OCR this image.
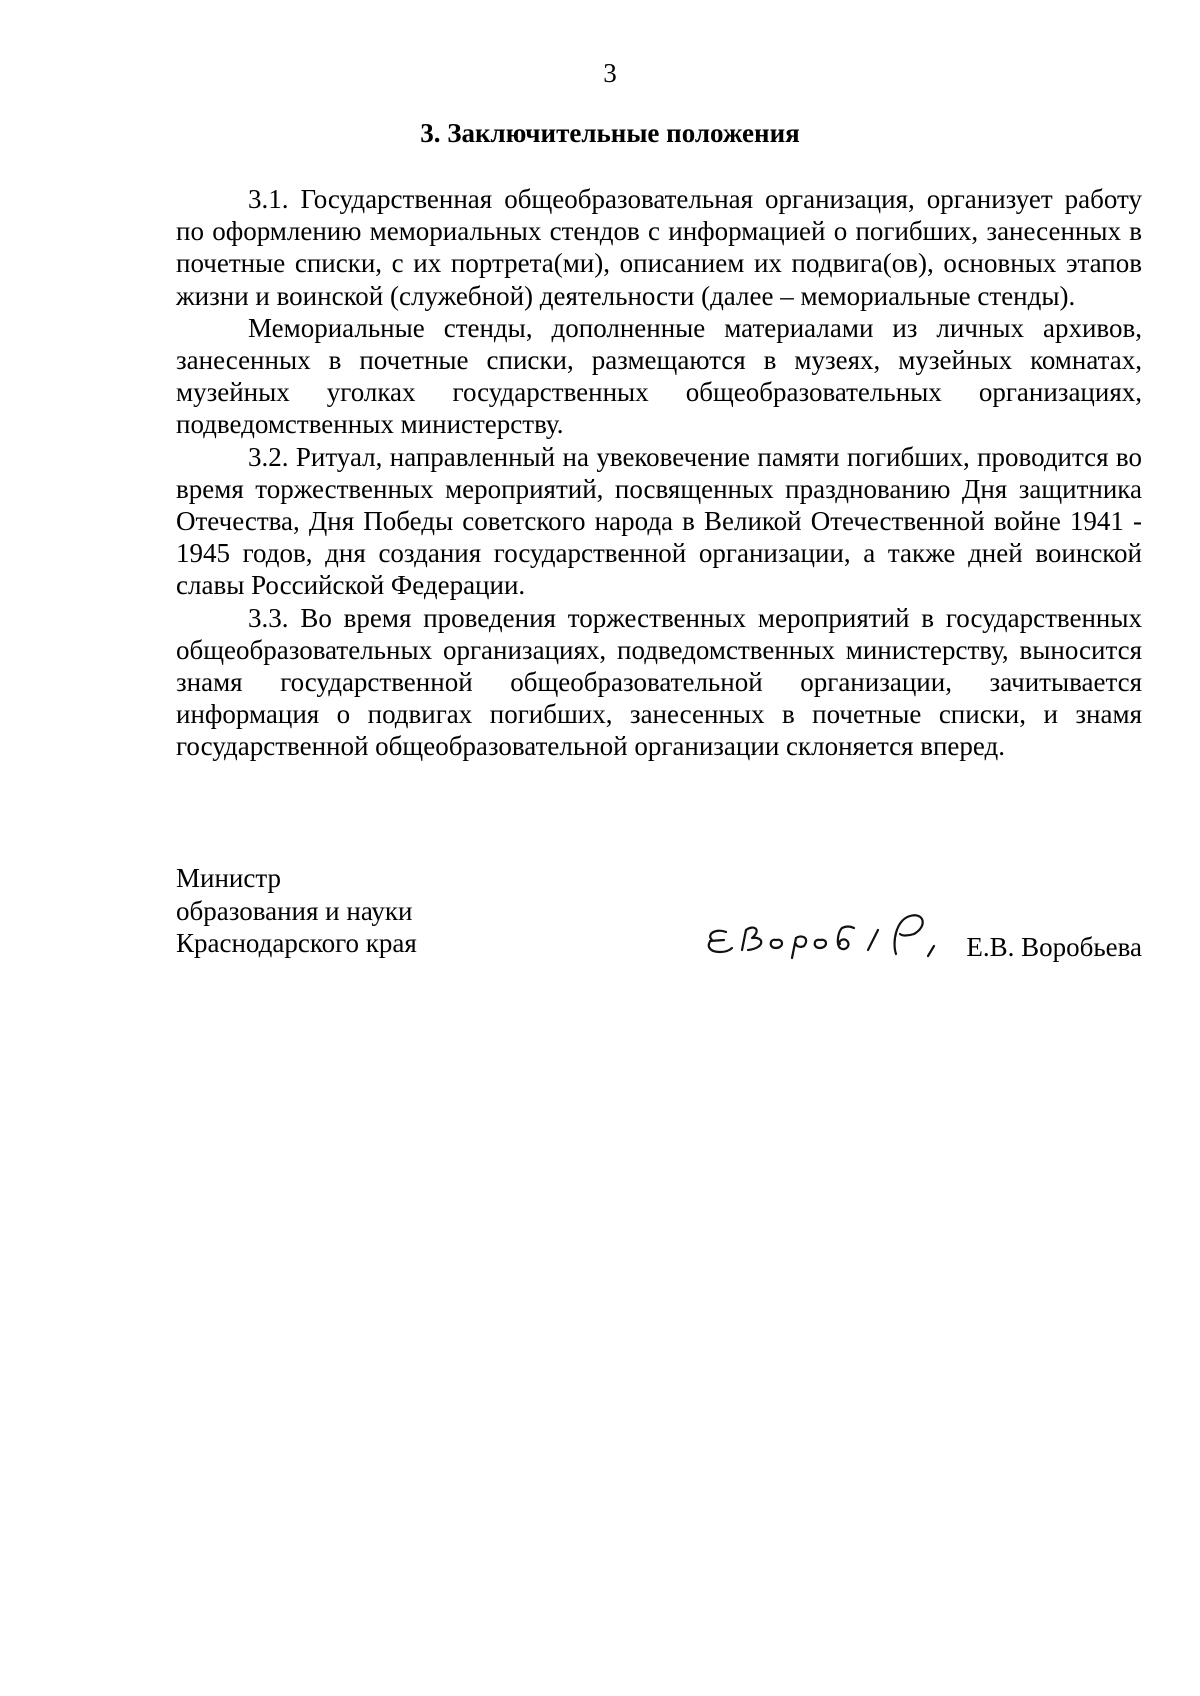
3
3. Заключительные положения

3.1. Государственная общеобразовательная организация, организует работу по оформлению мемориальных стендов с информацией о погибших, занесенных в почетные списки, с их портрета(ми), описанием их подвига(ов), основных этапов жизни и воинской (служебной) деятельности (далее – мемориальные стенды).

Мемориальные стенды, дополненные материалами из личных архивов, занесенных в почетные списки, размещаются в музеях, музейных комнатах, музейных уголках государственных общеобразовательных организациях, подведомственных министерству.

3.2. Ритуал, направленный на увековечение памяти погибших, проводится во время торжественных мероприятий, посвященных празднованию Дня защитника Отечества, Дня Победы советского народа в Великой Отечественной войне 1941 - 1945 годов, дня создания государственной организации, а также дней воинской славы Российской Федерации.

3.3. Во время проведения торжественных мероприятий в государственных общеобразовательных организациях, подведомственных министерству, выносится знамя государственной общеобразовательной организации, зачитывается информация о подвигах погибших, занесенных в почетные списки, и знамя государственной общеобразовательной организации склоняется вперед.

Министр
образования и науки
Краснодарского края	Е.В. Воробьева
